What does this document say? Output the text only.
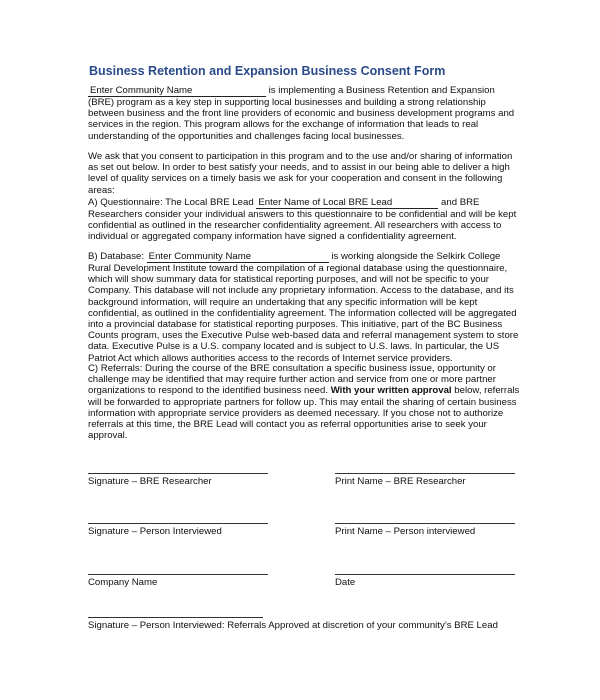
Business Retention and Expansion Business Consent Form

Enter Community Name	is implementing a Business Retention and Expansion (BRE) program as a key step in supporting local businesses and building a strong relationship between business and the front line providers of economic and business development programs and services in the region. This program allows for the exchange of information that leads to real understanding of the opportunities and challenges facing local businesses.

We ask that you consent to participation in this program and to the use and/or sharing of information as set out below. In order to best satisfy your needs, and to assist in our being able to deliver a high level of quality services on a timely basis we ask for your cooperation and consent in the following areas:

A) Questionnaire: The Local BRE Lead Enter Name of Local BRE Lead	and BRE Researchers consider your individual answers to this questionnaire to be confidential and will be kept confidential as outlined in the researcher confidentiality agreement. All researchers with access to individual or aggregated company information have signed a confidentiality agreement.

B) Database: Enter Community Name	is working alongside the Selkirk College Rural Development Institute toward the compilation of a regional database using the questionnaire, which will show summary data for statistical reporting purposes, and will not be specific to your Company. This database will not include any proprietary information. Access to the database, and its background information, will require an undertaking that any specific information will be kept confidential, as outlined in the confidentiality agreement. The information collected will be aggregated into a provincial database for statistical reporting purposes. This initiative, part of the BC Business Counts program, uses the Executive Pulse web-based data and referral management system to store data. Executive Pulse is a U.S. company located and is subject to U.S. laws. In particular, the US Patriot Act which allows authorities access to the records of Internet service providers.

C) Referrals: During the course of the BRE consultation a specific business issue, opportunity or challenge may be identified that may require further action and service from one or more partner organizations to respond to the identified business need. With your written approval below, referrals will be forwarded to appropriate partners for follow up. This may entail the sharing of certain business information with appropriate service providers as deemed necessary. If you chose not to authorize referrals at this time, the BRE Lead will contact you as referral opportunities arise to seek your approval.

Signature – BRE Researcher	Print Name – BRE Researcher
Signature – Person Interviewed	Print Name – Person interviewed
Company Name	Date
Signature – Person Interviewed: Referrals Approved at discretion of your community’s BRE Lead
